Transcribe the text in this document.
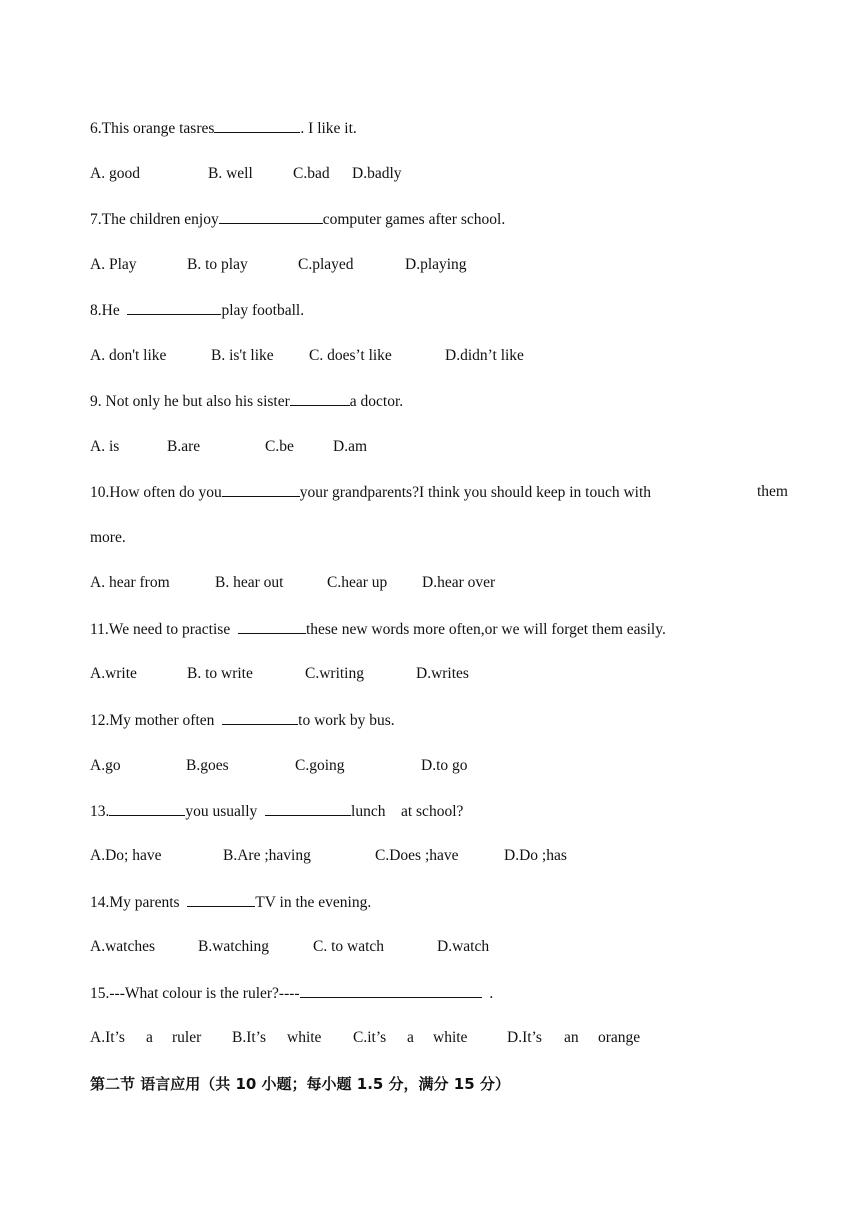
6.This orange tasres	. I like it.
A. good	B. well	C.bad D.badly
7.The children enjoy	computer games after school.
A. Play	B. to play	C.played	D.playing
8.He	play football.
A. don't like	B. is't like C. does’t like	D.didn’t like
9. Not only he but also his sister	a doctor.
A. is	B.are	C.be	D.am
10.How often do you	your grandparents?I think you should keep in touch with	them
more.
A. hear from	B. hear out	C.hear up D.hear over
11.We need to practise	these new words more often,or we will forget them easily.
A.write	B. to write	C.writing	D.writes
12.My mother often	to work by bus.
A.go	B.goes	C.going	D.to go
13.	you usually	lunch at school?
A.Do; have	B.Are ;having	C.Does ;have	D.Do ;has
14.My parents	TV in the evening.
A.watches	B.watching	C. to watch	D.watch
15.---What colour is the ruler?----	.
A.It’s a ruler B.It’s white C.it’s a white	D.It’s an orange
第二节 语言应用（共 10 小题；每小题 1.5 分，满分 15 分）
